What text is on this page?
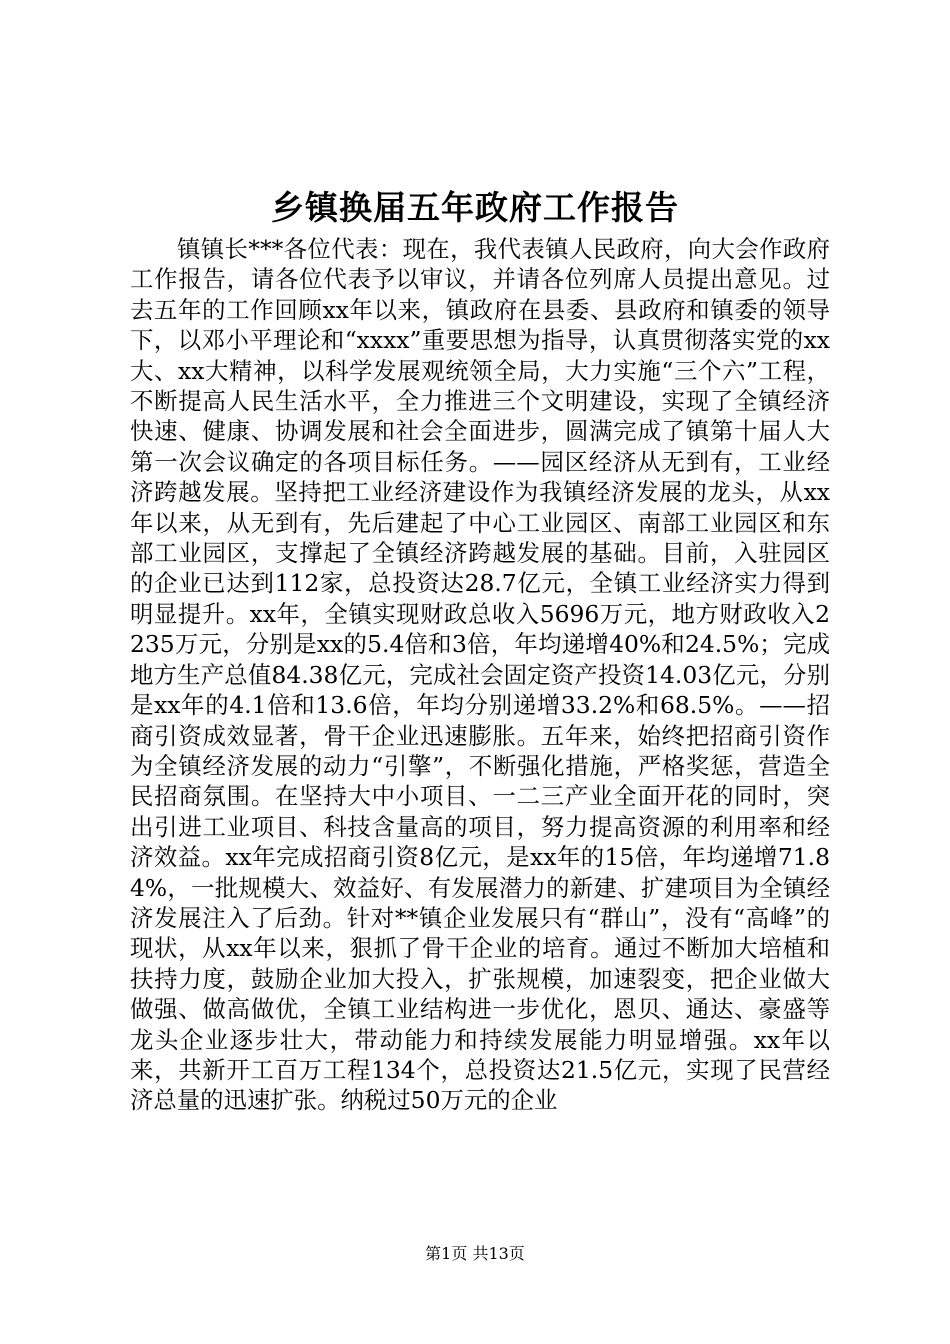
乡镇换届五年政府工作报告

镇镇长***各位代表：现在，我代表镇人民政府，向大会作政府工作报告，请各位代表予以审议，并请各位列席人员提出意见。过去五年的工作回顾xx年以来，镇政府在县委、县政府和镇委的领导下，以邓小平理论和“xxxx”重要思想为指导，认真贯彻落实党的xx大、xx大精神，以科学发展观统领全局，大力实施“三个六”工程，不断提高人民生活水平，全力推进三个文明建设，实现了全镇经济快速、健康、协调发展和社会全面进步，圆满完成了镇第十届人大第一次会议确定的各项目标任务。——园区经济从无到有，工业经济跨越发展。坚持把工业经济建设作为我镇经济发展的龙头，从xx年以来，从无到有，先后建起了中心工业园区、南部工业园区和东部工业园区，支撑起了全镇经济跨越发展的基础。目前，入驻园区的企业已达到112家，总投资达28.7亿元，全镇工业经济实力得到明显提升。xx年，全镇实现财政总收入5696万元，地方财政收入2235万元，分别是xx的5.4倍和3倍，年均递增40%和24.5%；完成地方生产总值84.38亿元，完成社会固定资产投资14.03亿元，分别是xx年的4.1倍和13.6倍，年均分别递增33.2%和68.5%。——招商引资成效显著，骨干企业迅速膨胀。五年来，始终把招商引资作为全镇经济发展的动力“引擎”，不断强化措施，严格奖惩，营造全民招商氛围。在坚持大中小项目、一二三产业全面开花的同时，突出引进工业项目、科技含量高的项目，努力提高资源的利用率和经济效益。xx年完成招商引资8亿元，是xx年的15倍，年均递增71.84%，一批规模大、效益好、有发展潜力的新建、扩建项目为全镇经济发展注入了后劲。针对**镇企业发展只有“群山”，没有“高峰”的现状，从xx年以来，狠抓了骨干企业的培育。通过不断加大培植和扶持力度，鼓励企业加大投入，扩张规模，加速裂变，把企业做大做强、做高做优，全镇工业结构进一步优化，恩贝、通达、豪盛等龙头企业逐步壮大，带动能力和持续发展能力明显增强。xx年以来，共新开工百万工程134个，总投资达21.5亿元，实现了民营经济总量的迅速扩张。纳税过50万元的企业

第1页 共13页
